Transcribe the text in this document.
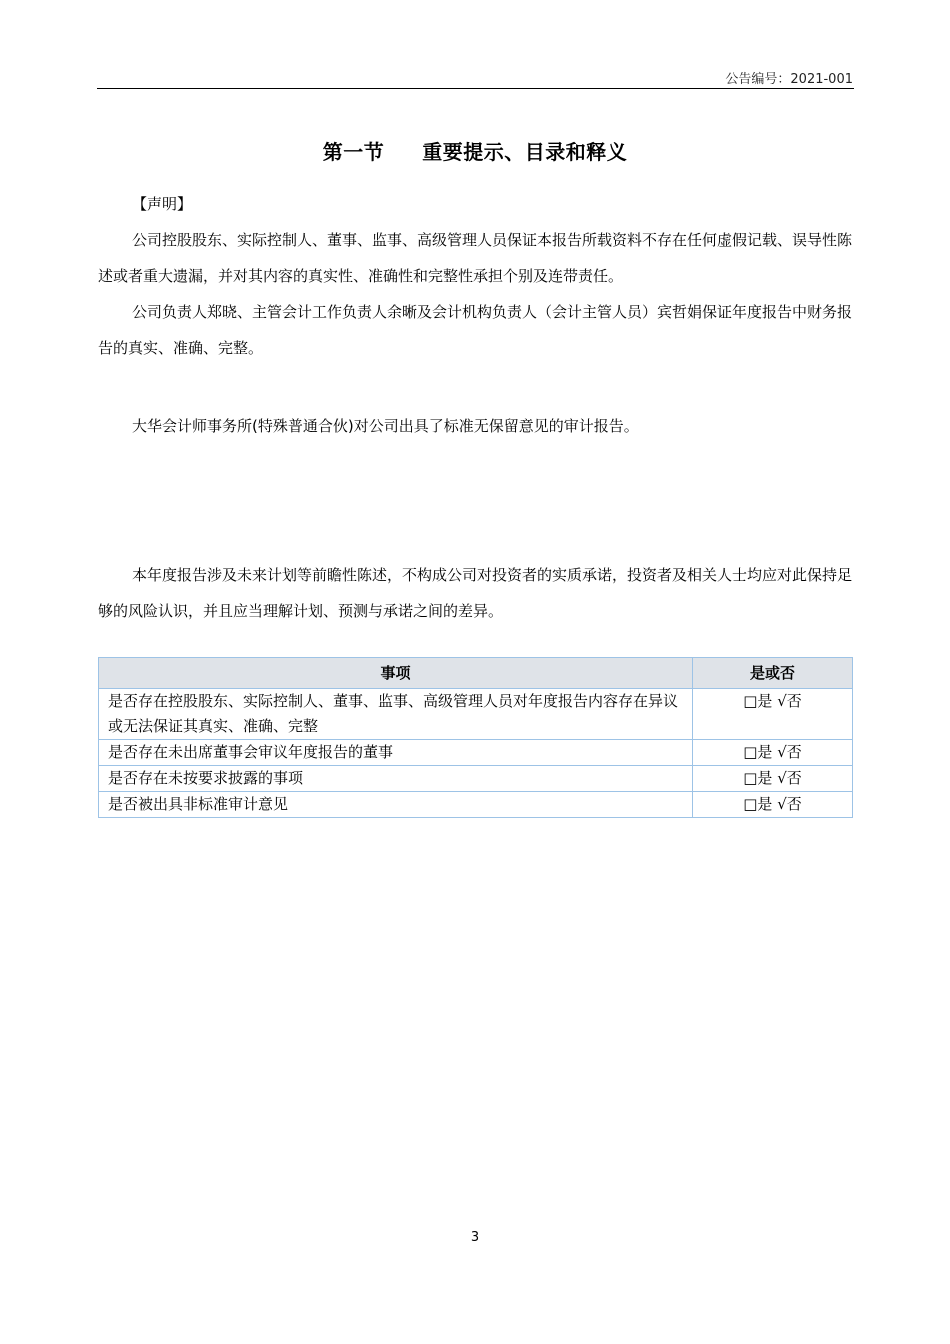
公告编号：2021-001
第一节 重要提示、目录和释义

【声明】

公司控股股东、实际控制人、董事、监事、高级管理人员保证本报告所载资料不存在任何虚假记载、误导性陈述或者重大遗漏，并对其内容的真实性、准确性和完整性承担个别及连带责任。

公司负责人郑晓、主管会计工作负责人余晰及会计机构负责人（会计主管人员）宾哲娟保证年度报告中财务报告的真实、准确、完整。

大华会计师事务所(特殊普通合伙)对公司出具了标准无保留意见的审计报告。

本年度报告涉及未来计划等前瞻性陈述，不构成公司对投资者的实质承诺，投资者及相关人士均应对此保持足够的风险认识，并且应当理解计划、预测与承诺之间的差异。

事项	是或否
是否存在控股股东、实际控制人、董事、监事、高级管理人员对年度报告内容存在异议或无法保证其真实、准确、完整	□是 √否
是否存在未出席董事会审议年度报告的董事	□是 √否
是否存在未按要求披露的事项	□是 √否
是否被出具非标准审计意见	□是 √否
3
